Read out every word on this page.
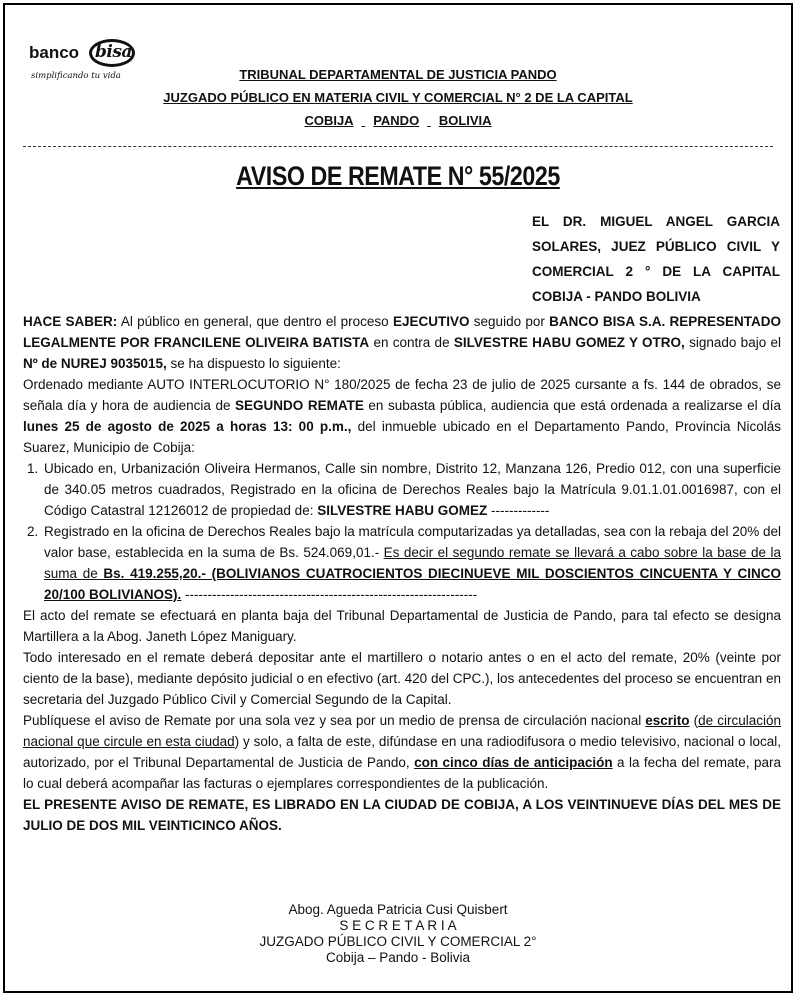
banco bisa
simplificando tu vida	TRIBUNAL DEPARTAMENTAL DE JUSTICIA PANDO
JUZGADO PÚBLICO EN MATERIA CIVIL Y COMERCIAL N° 2 DE LA CAPITAL
COBIJA PANDO BOLIVIA
AVISO DE REMATE N° 55/2025
EL DR. MIGUEL ANGEL GARCIA SOLARES, JUEZ PÚBLICO CIVIL Y COMERCIAL 2 ° DE LA CAPITAL COBIJA - PANDO BOLIVIA

HACE SABER: Al público en general, que dentro el proceso EJECUTIVO seguido por BANCO BISA S.A. REPRESENTADO LEGALMENTE POR FRANCILENE OLIVEIRA BATISTA en contra de SILVESTRE HABU GOMEZ Y OTRO, signado bajo el Nº de NUREJ 9035015, se ha dispuesto lo siguiente:

Ordenado mediante AUTO INTERLOCUTORIO N° 180/2025 de fecha 23 de julio de 2025 cursante a fs. 144 de obrados, se señala día y hora de audiencia de SEGUNDO REMATE en subasta pública, audiencia que está ordenada a realizarse el día lunes 25 de agosto de 2025 a horas 13: 00 p.m., del inmueble ubicado en el Departamento Pando, Provincia Nicolás Suarez, Municipio de Cobija:

1. Ubicado en, Urbanización Oliveira Hermanos, Calle sin nombre, Distrito 12, Manzana 126, Predio 012, con una superficie de 340.05 metros cuadrados, Registrado en la oficina de Derechos Reales bajo la Matrícula 9.01.1.01.0016987, con el Código Catastral 12126012 de propiedad de: SILVESTRE HABU GOMEZ -------------
2. Registrado en la oficina de Derechos Reales bajo la matrícula computarizadas ya detalladas, sea con la rebaja del 20% del valor base, establecida en la suma de Bs. 524.069,01.- Es decir el segundo remate se llevará a cabo sobre la base de la suma de Bs. 419.255,20.- (BOLIVIANOS CUATROCIENTOS DIECINUEVE MIL DOSCIENTOS CINCUENTA Y CINCO 20/100 BOLIVIANOS). -----------------------------------------------------------------

El acto del remate se efectuará en planta baja del Tribunal Departamental de Justicia de Pando, para tal efecto se designa Martillera a la Abog. Janeth López Maniguary.

Todo interesado en el remate deberá depositar ante el martillero o notario antes o en el acto del remate, 20% (veinte por ciento de la base), mediante depósito judicial o en efectivo (art. 420 del CPC.), los antecedentes del proceso se encuentran en secretaria del Juzgado Público Civil y Comercial Segundo de la Capital.

Publíquese el aviso de Remate por una sola vez y sea por un medio de prensa de circulación nacional escrito (de circulación nacional que circule en esta ciudad) y solo, a falta de este, difúndase en una radiodifusora o medio televisivo, nacional o local, autorizado, por el Tribunal Departamental de Justicia de Pando, con cinco días de anticipación a la fecha del remate, para lo cual deberá acompañar las facturas o ejemplares correspondientes de la publicación.

EL PRESENTE AVISO DE REMATE, ES LIBRADO EN LA CIUDAD DE COBIJA, A LOS VEINTINUEVE DÍAS DEL MES DE JULIO DE DOS MIL VEINTICINCO AÑOS.

Abog. Agueda Patricia Cusi Quisbert
S E C R E T A R I A
JUZGADO PÚBLICO CIVIL Y COMERCIAL 2°
Cobija – Pando - Bolivia
